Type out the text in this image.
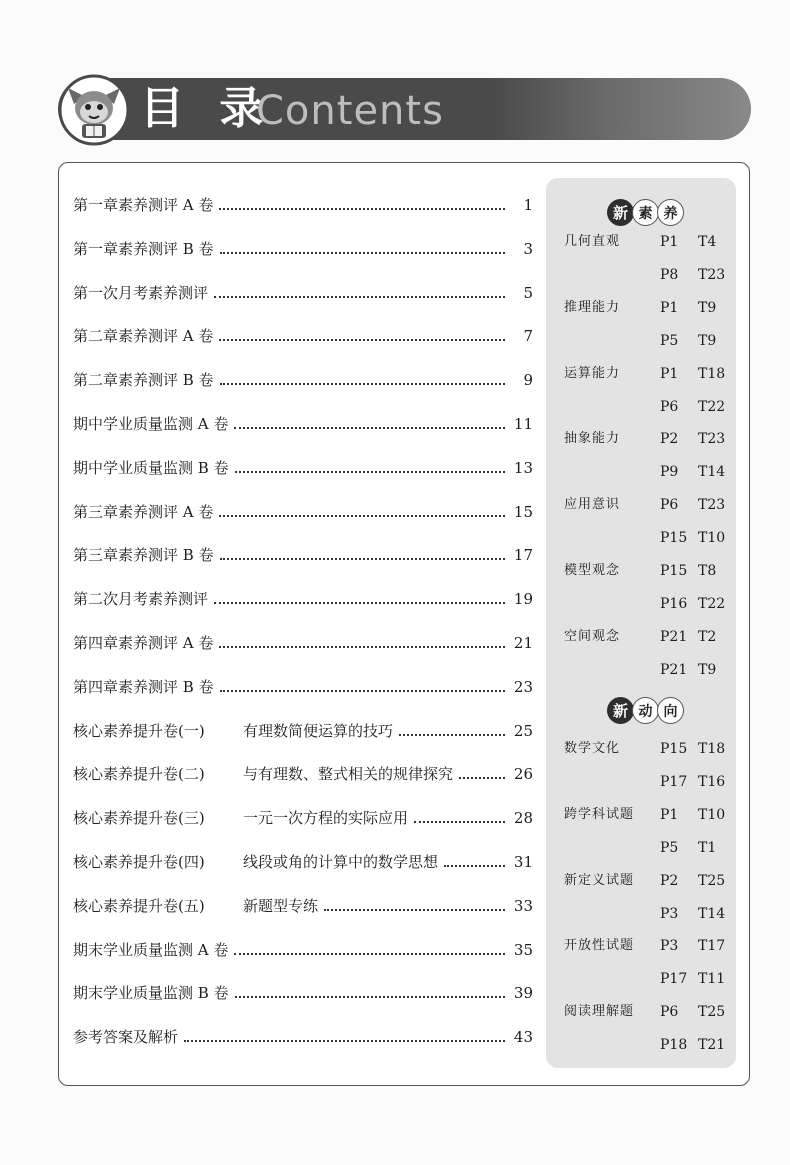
目 录
Contents
第一章素养测评 A 卷	1
第一章素养测评 B 卷	3
第一次月考素养测评	5
第二章素养测评 A 卷	7
第二章素养测评 B 卷	9
期中学业质量监测 A 卷	11
期中学业质量监测 B 卷	13
第三章素养测评 A 卷	15
第三章素养测评 B 卷	17
第二次月考素养测评	19
第四章素养测评 A 卷	21
第四章素养测评 B 卷	23
核心素养提升卷(一)	有理数简便运算的技巧	25
核心素养提升卷(二)	与有理数、整式相关的规律探究	26
核心素养提升卷(三)	一元一次方程的实际应用	28
核心素养提升卷(四)	线段或角的计算中的数学思想	31
核心素养提升卷(五)	新题型专练	33
期末学业质量监测 A 卷	35
期末学业质量监测 B 卷	39
参考答案及解析	43
新 素 养
新 动 向
几何直观	P1 T4
P8 T23
推理能力	P1 T9
P5 T9
运算能力	P1 T18
P6 T22
抽象能力	P2 T23
P9 T14
应用意识	P6 T23
P15 T10
模型观念	P15 T8
P16 T22
空间观念	P21 T2
P21 T9
数学文化	P15 T18
P17 T16
跨学科试题 P1 T10
P5 T1
新定义试题 P2 T25
P3 T14
开放性试题 P3 T17
P17 T11
阅读理解题 P6 T25
P18 T21
